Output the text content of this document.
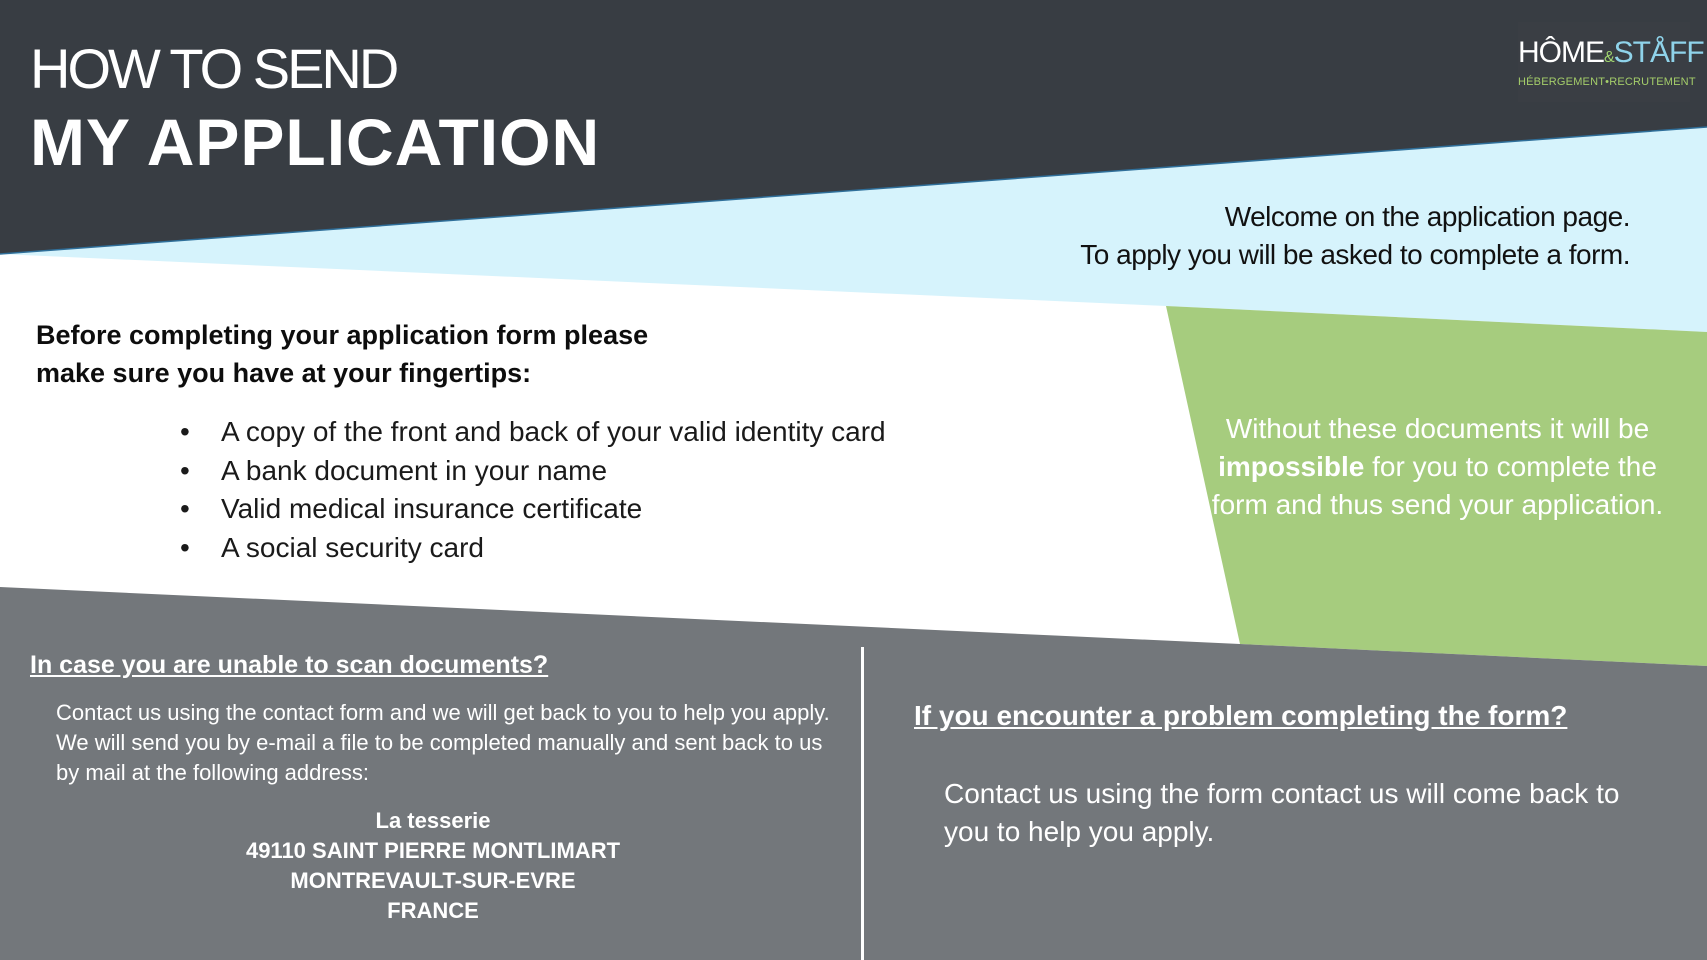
HOW TO SEND
MY APPLICATION
HÔME&STÅFF
HÉBERGEMENT•RECRUTEMENT
Welcome on the application page.
To apply you will be asked to complete a form.
Before completing your application form please
make sure you have at your fingertips:
• A copy of the front and back of your valid identity card
• A bank document in your name
• Valid medical insurance certificate
• A social security card
Without these documents it will be impossible for you to complete the form and thus send your application.
In case you are unable to scan documents?
Contact us using the contact form and we will get back to you to help you apply. We will send you by e-mail a file to be completed manually and sent back to us by mail at the following address:
La tesserie
49110 SAINT PIERRE MONTLIMART
MONTREVAULT-SUR-EVRE
FRANCE
If you encounter a problem completing the form?
Contact us using the form contact us will come back to you to help you apply.
